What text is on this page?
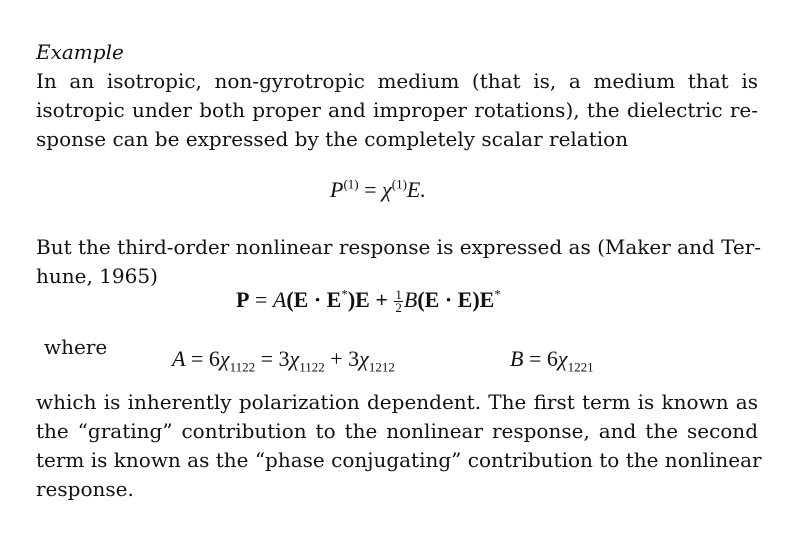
Example
In an isotropic, non-gyrotropic medium (that is, a medium that is
isotropic under both proper and improper rotations), the dielectric re-
sponse can be expressed by the completely scalar relation
$P^{(1)} = \chi^{(1)}E$.
But the third-order nonlinear response is expressed as (Maker and Ter-
hune, 1965)
$P = A(E \cdot E^*)E + \frac{1}{2} B(E \cdot E)E^*$
where	$A = 6\chi_{1122} = 3\chi_{1122} + 3\chi_{1212}$	$B = 6\chi_{1221}$
which is inherently polarization dependent. The first term is known as
the “grating” contribution to the nonlinear response, and the second
term is known as the “phase conjugating” contribution to the nonlinear
response.
